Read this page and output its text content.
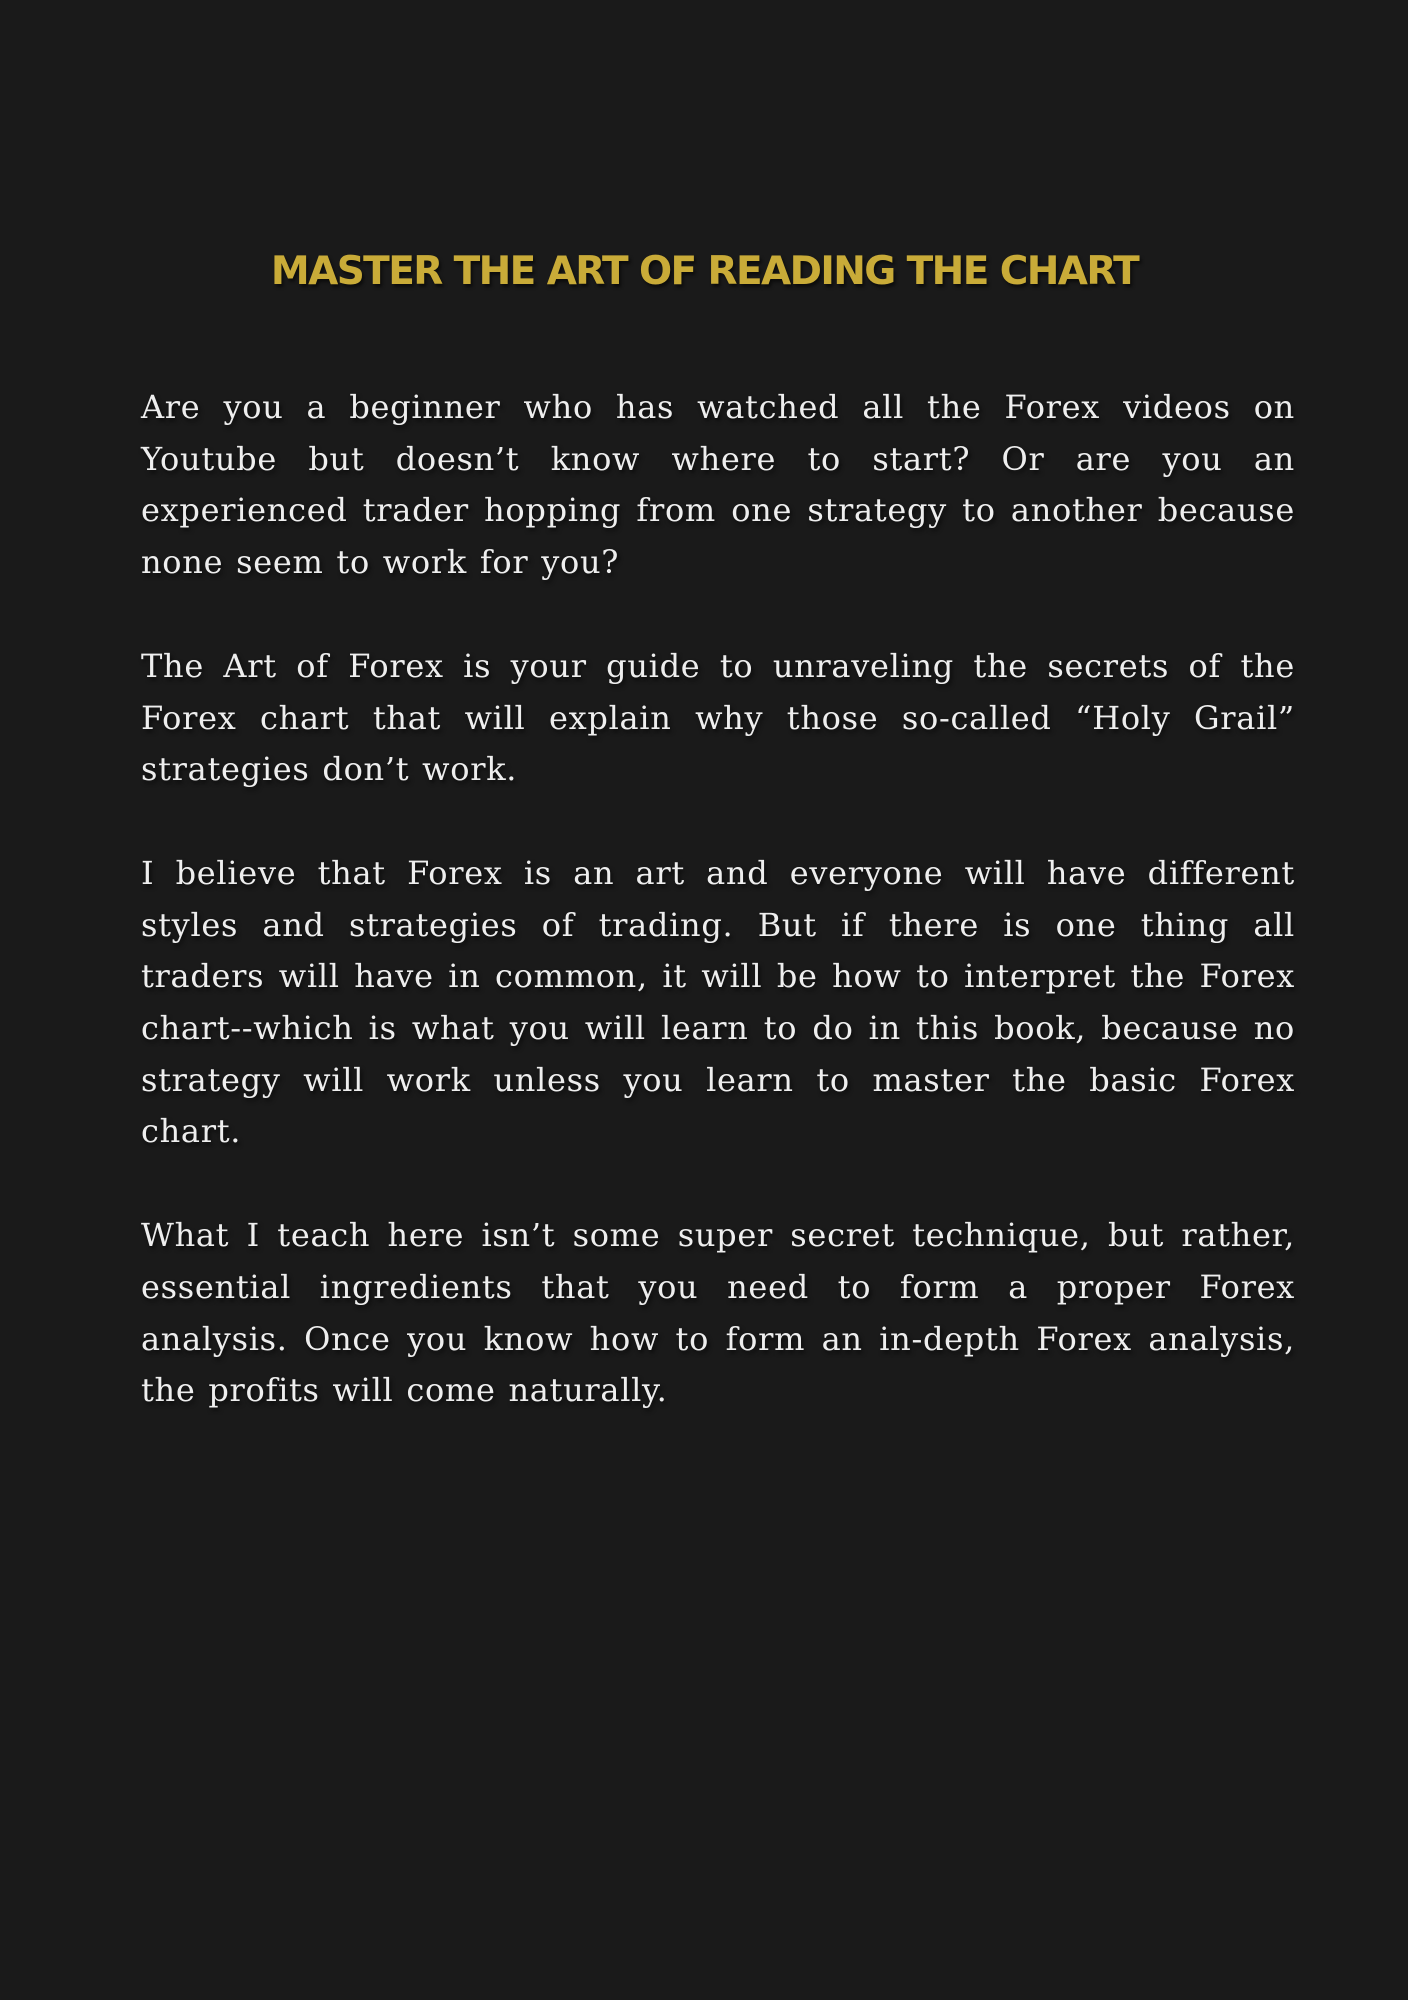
MASTER THE ART OF READING THE CHART

Are you a beginner who has watched all the Forex videos on Youtube but doesn’t know where to start? Or are you an experienced trader hopping from one strategy to another because none seem to work for you?

The Art of Forex is your guide to unraveling the secrets of the Forex chart that will explain why those so-called “Holy Grail” strategies don’t work.

I believe that Forex is an art and everyone will have different styles and strategies of trading. But if there is one thing all traders will have in common, it will be how to interpret the Forex chart--which is what you will learn to do in this book, because no strategy will work unless you learn to master the basic Forex chart.

What I teach here isn’t some super secret technique, but rather, essential ingredients that you need to form a proper Forex analysis. Once you know how to form an in-depth Forex analysis, the profits will come naturally.
